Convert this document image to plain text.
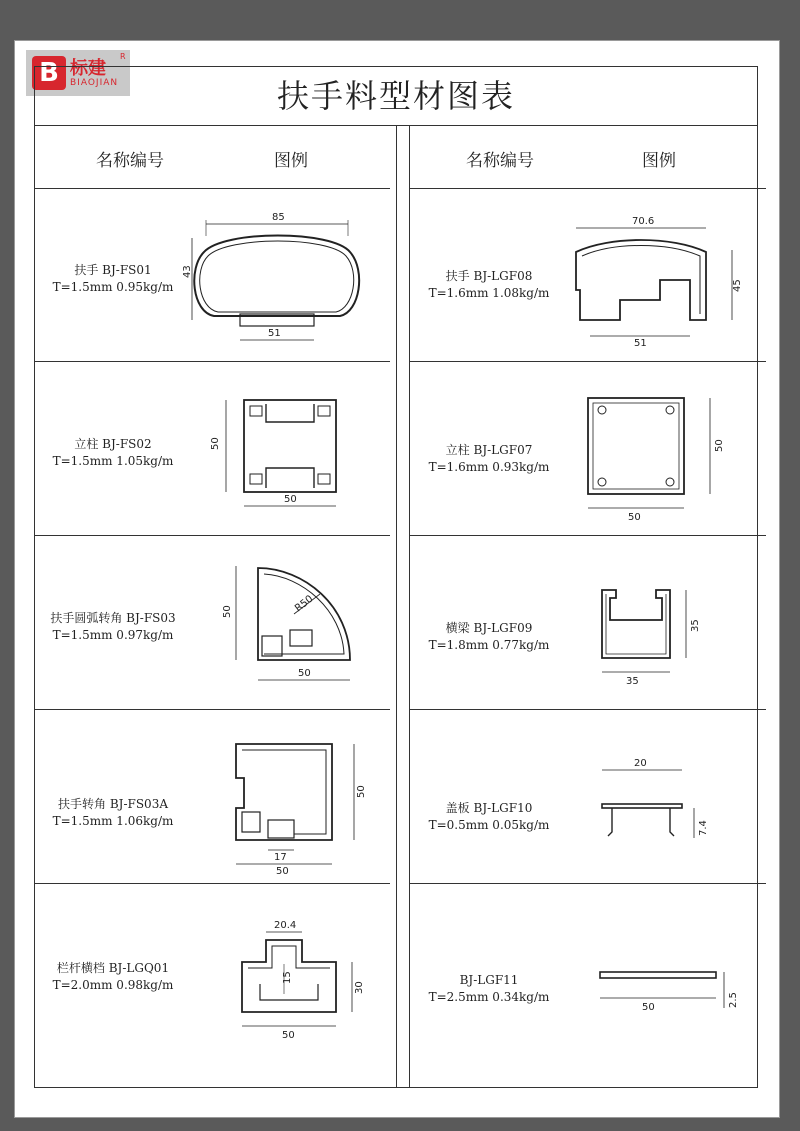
B 标建
BIAOJIAN
R
扶手料型材图表
名称编号	图例
扶手 BJ-FS01
T=1.5mm 0.95kg/m
85
43
51
立柱 BJ-FS02
T=1.5mm 1.05kg/m
50
50
扶手圆弧转角 BJ-FS03
T=1.5mm 0.97kg/m
50	R50
50
扶手转角 BJ-FS03A
T=1.5mm 1.06kg/m
50
17
50
栏杆横档 BJ-LGQ01
T=2.0mm 0.98kg/m
20.4
15
30
50
名称编号	图例
扶手 BJ-LGF08
T=1.6mm 1.08kg/m
70.6
45
51
立柱 BJ-LGF07
T=1.6mm 0.93kg/m
50
50
横梁 BJ-LGF09
T=1.8mm 0.77kg/m
35
35
盖板 BJ-LGF10
T=0.5mm 0.05kg/m
20
7.4
BJ-LGF11
T=2.5mm 0.34kg/m
50	2.5
